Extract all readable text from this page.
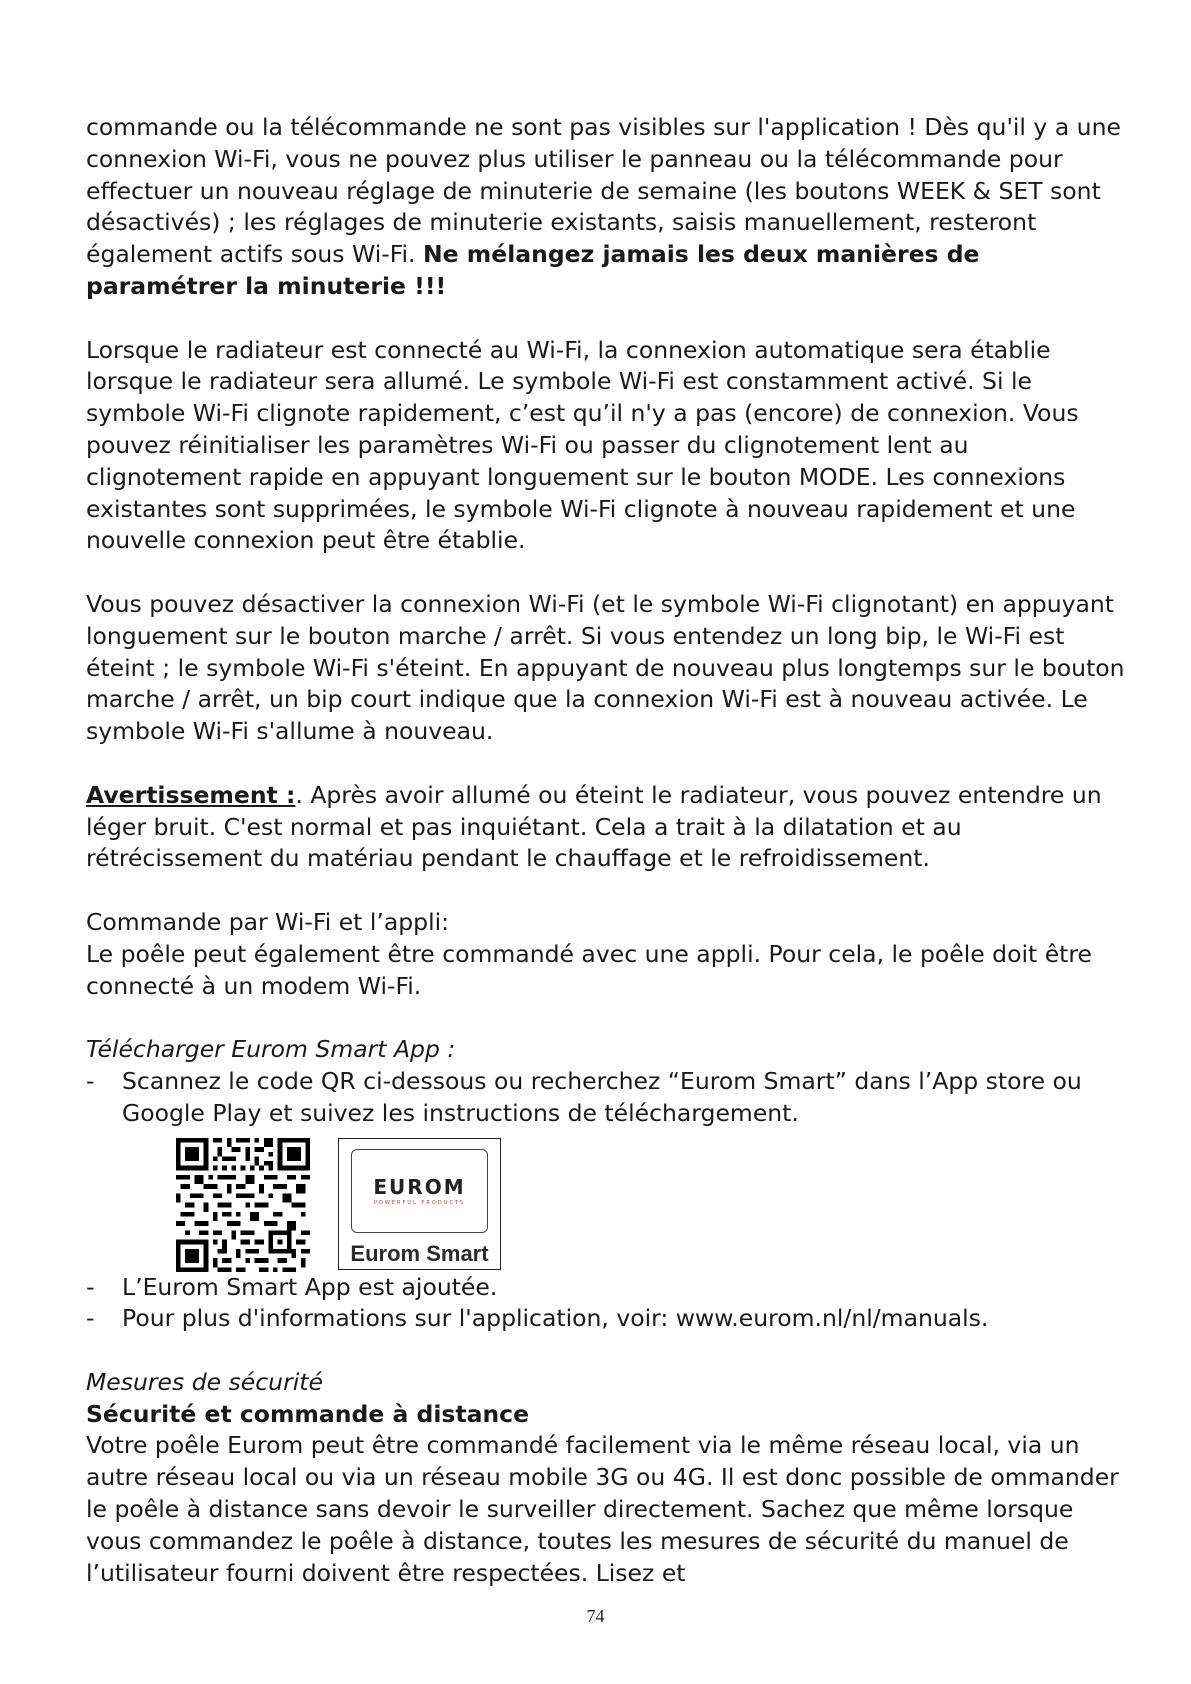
commande ou la télécommande ne sont pas visibles sur l'application ! Dès qu'il y a une connexion Wi-Fi, vous ne pouvez plus utiliser le panneau ou la télécommande pour effectuer un nouveau réglage de minuterie de semaine (les boutons WEEK & SET sont désactivés) ; les réglages de minuterie existants, saisis manuellement, resteront également actifs sous Wi-Fi. Ne mélangez jamais les deux manières de paramétrer la minuterie !!!

Lorsque le radiateur est connecté au Wi-Fi, la connexion automatique sera établie lorsque le radiateur sera allumé. Le symbole Wi-Fi est constamment activé. Si le symbole Wi-Fi clignote rapidement, c’est qu’il n'y a pas (encore) de connexion. Vous pouvez réinitialiser les paramètres Wi-Fi ou passer du clignotement lent au clignotement rapide en appuyant longuement sur le bouton MODE. Les connexions existantes sont supprimées, le symbole Wi-Fi clignote à nouveau rapidement et une nouvelle connexion peut être établie.

Vous pouvez désactiver la connexion Wi-Fi (et le symbole Wi-Fi clignotant) en appuyant longuement sur le bouton marche / arrêt. Si vous entendez un long bip, le Wi-Fi est éteint ; le symbole Wi-Fi s'éteint. En appuyant de nouveau plus longtemps sur le bouton marche / arrêt, un bip court indique que la connexion Wi-Fi est à nouveau activée. Le symbole Wi-Fi s'allume à nouveau.

Avertissement :. Après avoir allumé ou éteint le radiateur, vous pouvez entendre un léger bruit. C'est normal et pas inquiétant. Cela a trait à la dilatation et au rétrécissement du matériau pendant le chauffage et le refroidissement.

Commande par Wi-Fi et l’appli:

Le poêle peut également être commandé avec une appli. Pour cela, le poêle doit être connecté à un modem Wi-Fi.

Télécharger Eurom Smart App :

-	Scannez le code QR ci-dessous ou recherchez “Eurom Smart” dans l’App store ou Google Play et suivez les instructions de téléchargement.
EUROM
POWERFUL PRODUCTS
Eurom Smart
-	L’Eurom Smart App est ajoutée.
-	Pour plus d'informations sur l'application, voir: www.eurom.nl/nl/manuals.

Mesures de sécurité

Sécurité et commande à distance

Votre poêle Eurom peut être commandé facilement via le même réseau local, via un autre réseau local ou via un réseau mobile 3G ou 4G. Il est donc possible de ommander le poêle à distance sans devoir le surveiller directement. Sachez que même lorsque vous commandez le poêle à distance, toutes les mesures de sécurité du manuel de l’utilisateur fourni doivent être respectées. Lisez et

74
